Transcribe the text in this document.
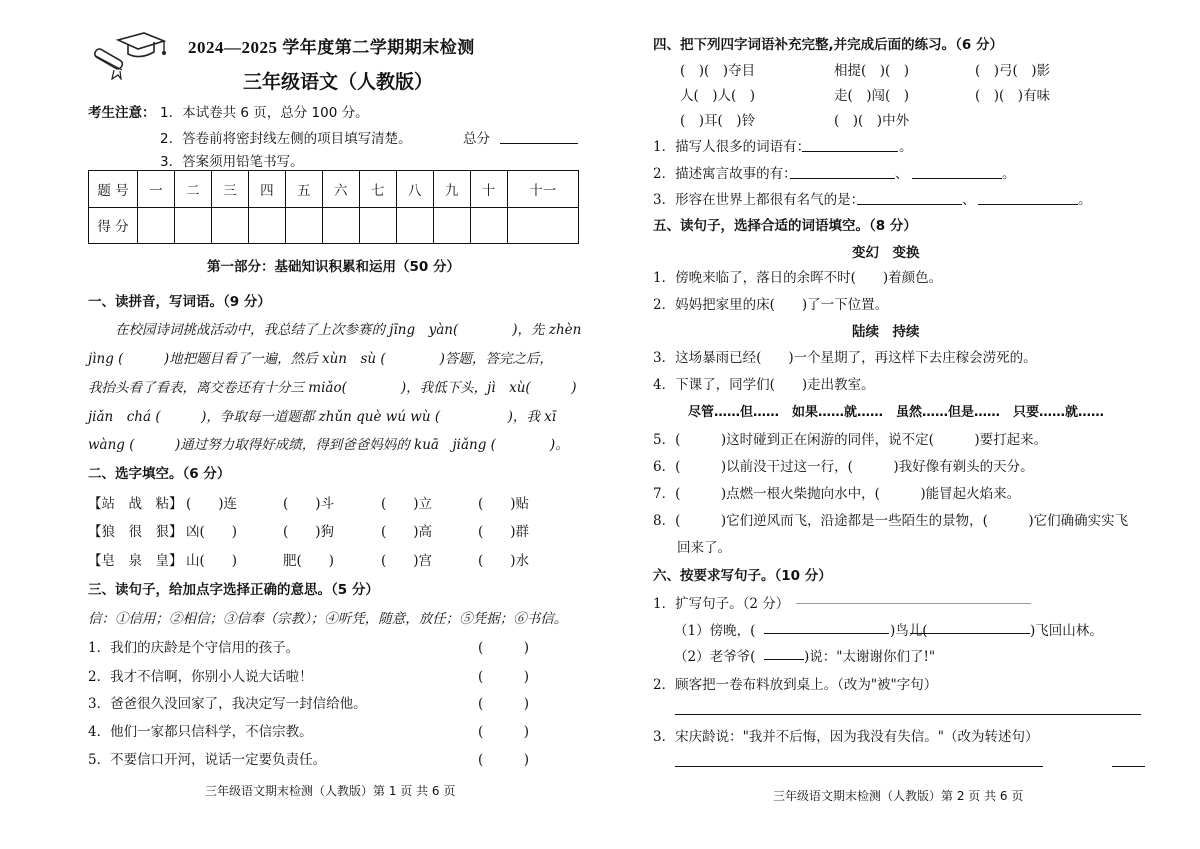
2024—2025 学年度第二学期期末检测
三年级语文（人教版）
考生注意： 1．本试卷共 6 页，总分 100 分。
2．答卷前将密封线左侧的项目填写清楚。	总分
3．答案须用铅笔书写。
题 号	一	二	三	四	五	六	七	八	九	十	十一
得 分											
第一部分：基础知识积累和运用（50 分）
一、读拼音，写词语。（9 分）
在校园诗词挑战活动中，我总结了上次参赛的 jīng　yàn(　　　　)，先 zhèn
jìng (　　　)地把题目看了一遍，然后 xùn　sù (　　　　)答题，答完之后，
我抬头看了看表，离交卷还有十分三 miǎo(　　　　)，我低下头，jì　xù(　　　)
jiǎn　chá (　　　)，争取每一道题都 zhǔn què wú wù (　　　　　)，我 xī
wàng (　　　)通过努力取得好成绩，得到爸爸妈妈的 kuā　jiǎng (　　　　)。
二、选字填空。（6 分）
【站　战　粘】 (　　)连	(　　)斗	(　　)立	(　　)贴
【狼　很　狠】 凶(　　)	(　　)狗	(　　)高	(　　)群
【皂　泉　皇】 山(　　)	肥(　　)	(　　)宫	(　　)水
三、读句子，给加点字选择正确的意思。（5 分）
信：①信用；②相信；③信奉（宗教）；④听凭，随意，放任；⑤凭据；⑥书信。
1．我们的庆龄是个守信用的孩子。	(　　　)
2．我才不信啊，你别小人说大话啦！	(　　　)
3．爸爸很久没回家了，我决定写一封信给他。	(　　　)
4．他们一家都只信科学，不信宗教。	(　　　)
5．不要信口开河，说话一定要负责任。	(　　　)
三年级语文期末检测（人教版）第 1 页 共 6 页
四、把下列四字词语补充完整,并完成后面的练习。（6 分）
(　)(　)夺目	相提(　)(　)	(　)弓(　)影
人(　)人(　)	走(　)闯(　)	(　)(　)有味
(　)耳(　)铃	(　)(　)中外
1．描写人很多的词语有：	。
2．描述寓言故事的有：	、	。
3．形容在世界上都很有名气的是：	、	。
五、读句子，选择合适的词语填空。（8 分）
变幻　变换
1．傍晚来临了，落日的余晖不时(　　)着颜色。
2．妈妈把家里的床(　　)了一下位置。
陆续　持续
3．这场暴雨已经(　　)一个星期了，再这样下去庄稼会涝死的。
4．下课了，同学们(　　)走出教室。
尽管……但……　如果……就……　虽然……但是……　只要……就……
5．(　　　)这时碰到正在闲游的同伴，说不定(　　　)要打起来。
6．(　　　)以前没干过这一行，(　　　)我好像有剃头的天分。
7．(　　　)点燃一根火柴抛向水中，(　　　)能冒起火焰来。
8．(　　　)它们逆风而飞，沿途都是一些陌生的景物，(　　　)它们确确实实飞
回来了。
六、按要求写句子。（10 分）
1．扩写句子。（2 分）
（1）傍晚，(	)鸟儿(	)飞回山林。
（2）老爷爷(	)说："太谢谢你们了!"
2．顾客把一卷布料放到桌上。（改为"被"字句）
3．宋庆龄说："我并不后悔，因为我没有失信。"（改为转述句）
三年级语文期末检测（人教版）第 2 页 共 6 页
